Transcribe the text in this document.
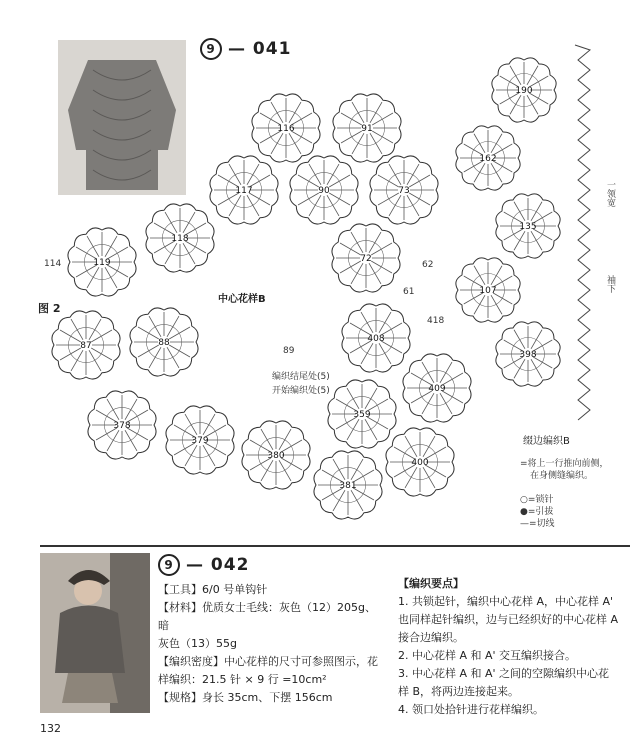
9 — 041
图 2
中心花样B
编织结尾处(5)
开始编织处(5)
114
89
62
61
418
116	91
117	90	73
118
72
119
87	88	408
409
378
379
359
380
400
381
190
162
135
107
398
一领宽
袖下
缀边编织B
=将上一行推向前侧，
在身侧缝编织。
○=锁针
●=引拔
—=切线
9 — 042
【工具】6/0 号单钩针
【材料】优质女士毛线：灰色（12）205g、暗
灰色（13）55g
【编织密度】中心花样的尺寸可参照图示，花
样编织：21.5 针 × 9 行 =10cm²
【规格】身长 35cm、下摆 156cm
【编织要点】
1. 共锁起针，编织中心花样 A，中心花样 A'
也同样起针编织，边与已经织好的中心花样 A
接合边编织。
2. 中心花样 A 和 A' 交互编织接合。
3. 中心花样 A 和 A' 之间的空隙编织中心花
样 B，将两边连接起来。
4. 领口处拾针进行花样编织。
132
